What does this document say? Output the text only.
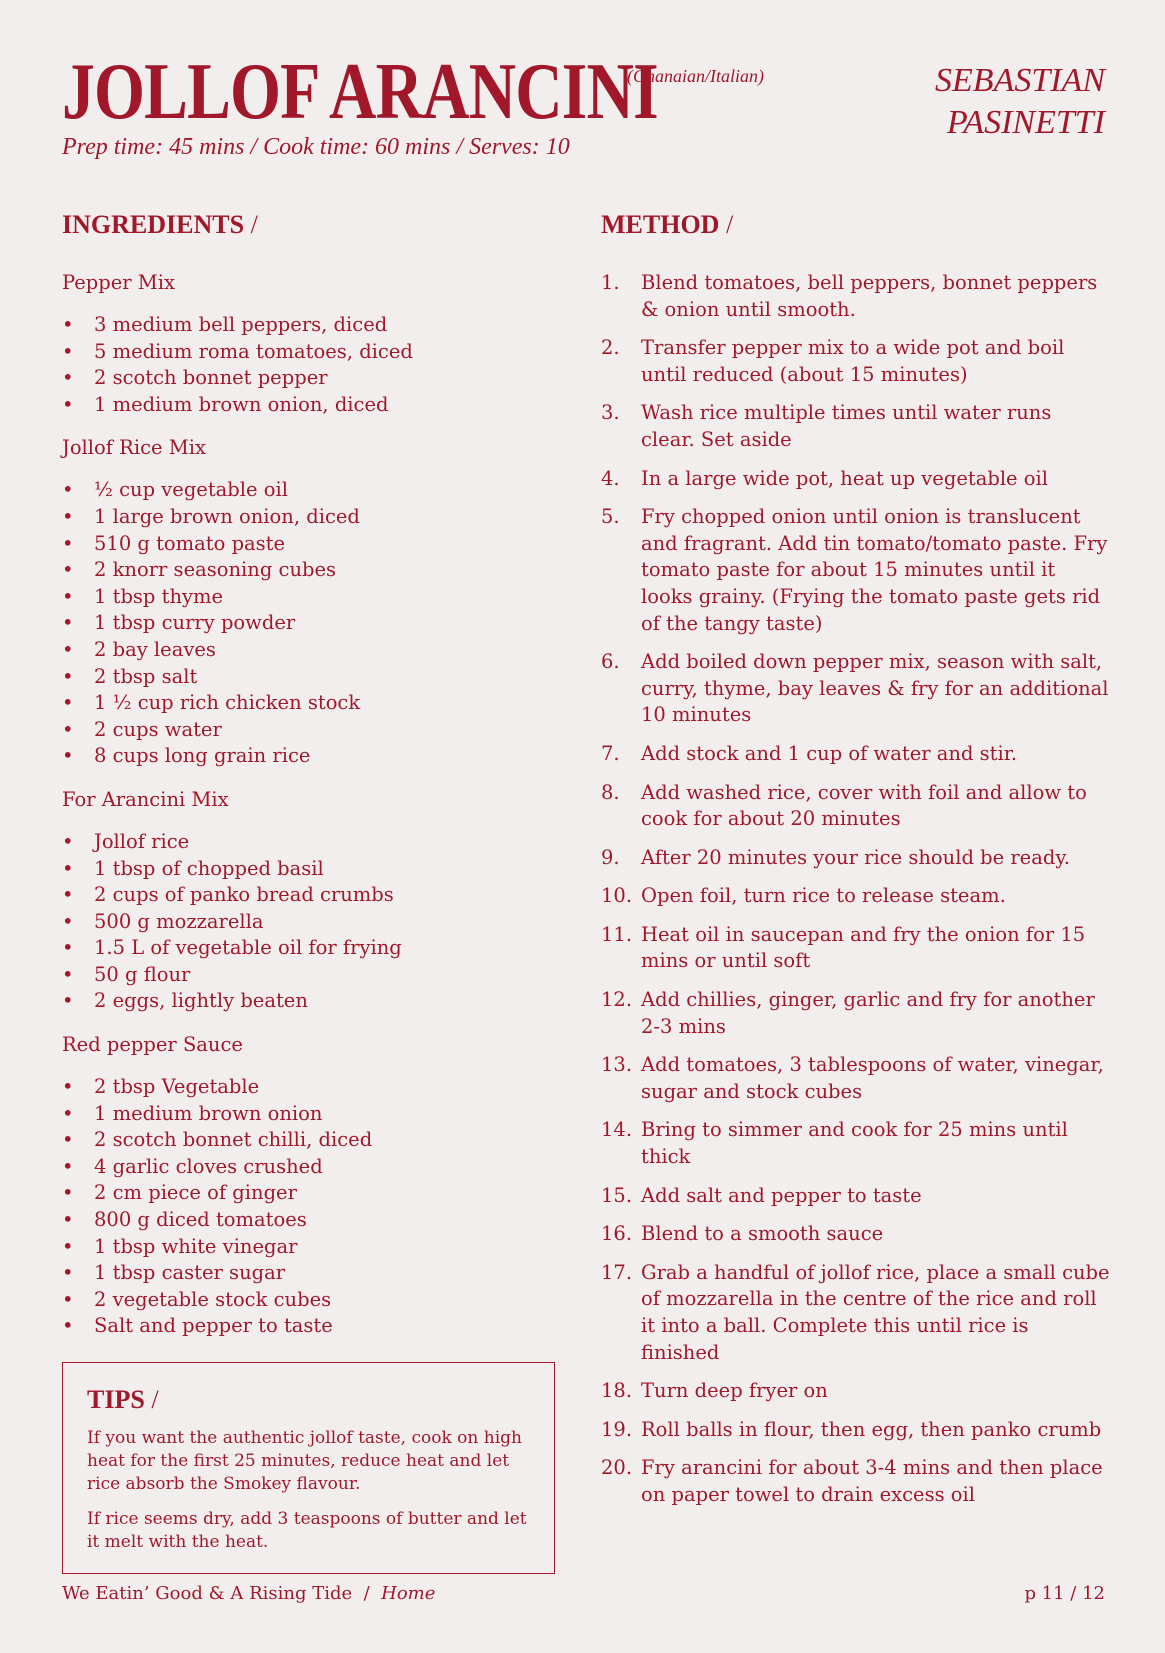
JOLLOF ARANCINI
(Ghanaian/Italian)	SEBASTIAN
PASINETTI
Prep time: 45 mins / Cook time: 60 mins / Serves: 10
INGREDIENTS /	METHOD /
Pepper Mix
• 3 medium bell peppers, diced
• 5 medium roma tomatoes, diced
• 2 scotch bonnet pepper
• 1 medium brown onion, diced
Jollof Rice Mix
• ½ cup vegetable oil
• 1 large brown onion, diced
• 510 g tomato paste
• 2 knorr seasoning cubes
• 1 tbsp thyme
• 1 tbsp curry powder
• 2 bay leaves
• 2 tbsp salt
• 1 ½ cup rich chicken stock
• 2 cups water
• 8 cups long grain rice
For Arancini Mix
• Jollof rice
• 1 tbsp of chopped basil
• 2 cups of panko bread crumbs
• 500 g mozzarella
• 1.5 L of vegetable oil for frying
• 50 g flour
• 2 eggs, lightly beaten
Red pepper Sauce
• 2 tbsp Vegetable
• 1 medium brown onion
• 2 scotch bonnet chilli, diced
• 4 garlic cloves crushed
• 2 cm piece of ginger
• 800 g diced tomatoes
• 1 tbsp white vinegar
• 1 tbsp caster sugar
• 2 vegetable stock cubes
• Salt and pepper to taste
1.	Blend tomatoes, bell peppers, bonnet peppers & onion until smooth.
2.	Transfer pepper mix to a wide pot and boil until reduced (about 15 minutes)
3.	Wash rice multiple times until water runs clear. Set aside
4.	In a large wide pot, heat up vegetable oil
5.	Fry chopped onion until onion is translucent and fragrant. Add tin tomato/tomato paste. Fry tomato paste for about 15 minutes until it looks grainy. (Frying the tomato paste gets rid of the tangy taste)
6.	Add boiled down pepper mix, season with salt, curry, thyme, bay leaves & fry for an additional 10 minutes
7.	Add stock and 1 cup of water and stir.
8.	Add washed rice, cover with foil and allow to cook for about 20 minutes
9.	After 20 minutes your rice should be ready.
10. Open foil, turn rice to release steam.
11. Heat oil in saucepan and fry the onion for 15 mins or until soft
12. Add chillies, ginger, garlic and fry for another 2-3 mins
13. Add tomatoes, 3 tablespoons of water, vinegar, sugar and stock cubes
14. Bring to simmer and cook for 25 mins until thick
15. Add salt and pepper to taste
16. Blend to a smooth sauce
17. Grab a handful of jollof rice, place a small cube of mozzarella in the centre of the rice and roll it into a ball. Complete this until rice is finished
18. Turn deep fryer on
19. Roll balls in flour, then egg, then panko crumb
20. Fry arancini for about 3-4 mins and then place on paper towel to drain excess oil
TIPS /

If you want the authentic jollof taste, cook on high heat for the first 25 minutes, reduce heat and let rice absorb the Smokey flavour.

If rice seems dry, add 3 teaspoons of butter and let it melt with the heat.

We Eatin’ Good & A Rising Tide / Home	p 11 / 12
